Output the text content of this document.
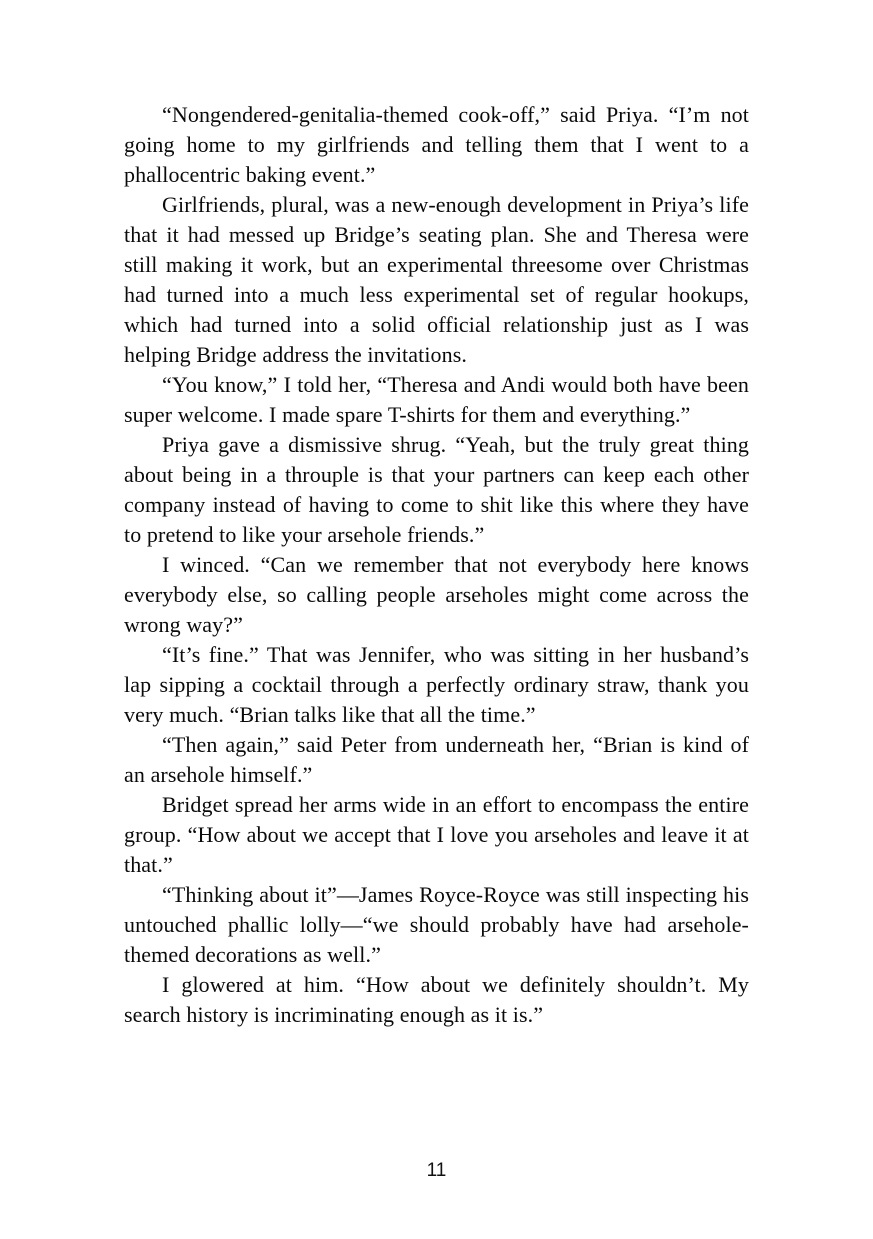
“Nongendered-genitalia-themed cook-off,” said Priya. “I’m not going home to my girlfriends and telling them that I went to a phallocentric baking event.”

Girlfriends, plural, was a new-enough development in Priya’s life that it had messed up Bridge’s seating plan. She and Theresa were still making it work, but an experimental threesome over Christmas had turned into a much less experimental set of regular hookups, which had turned into a solid official relationship just as I was helping Bridge address the invitations.

“You know,” I told her, “Theresa and Andi would both have been super welcome. I made spare T-shirts for them and everything.”

Priya gave a dismissive shrug. “Yeah, but the truly great thing about being in a throuple is that your partners can keep each other company instead of having to come to shit like this where they have to pretend to like your arsehole friends.”

I winced. “Can we remember that not everybody here knows everybody else, so calling people arseholes might come across the wrong way?”

“It’s fine.” That was Jennifer, who was sitting in her husband’s lap sipping a cocktail through a perfectly ordinary straw, thank you very much. “Brian talks like that all the time.”

“Then again,” said Peter from underneath her, “Brian is kind of an arsehole himself.”

Bridget spread her arms wide in an effort to encompass the entire group. “How about we accept that I love you arseholes and leave it at that.”

“Thinking about it”—James Royce-Royce was still inspecting his untouched phallic lolly—“we should probably have had arsehole-themed decorations as well.”

I glowered at him. “How about we definitely shouldn’t. My search history is incriminating enough as it is.”

11
